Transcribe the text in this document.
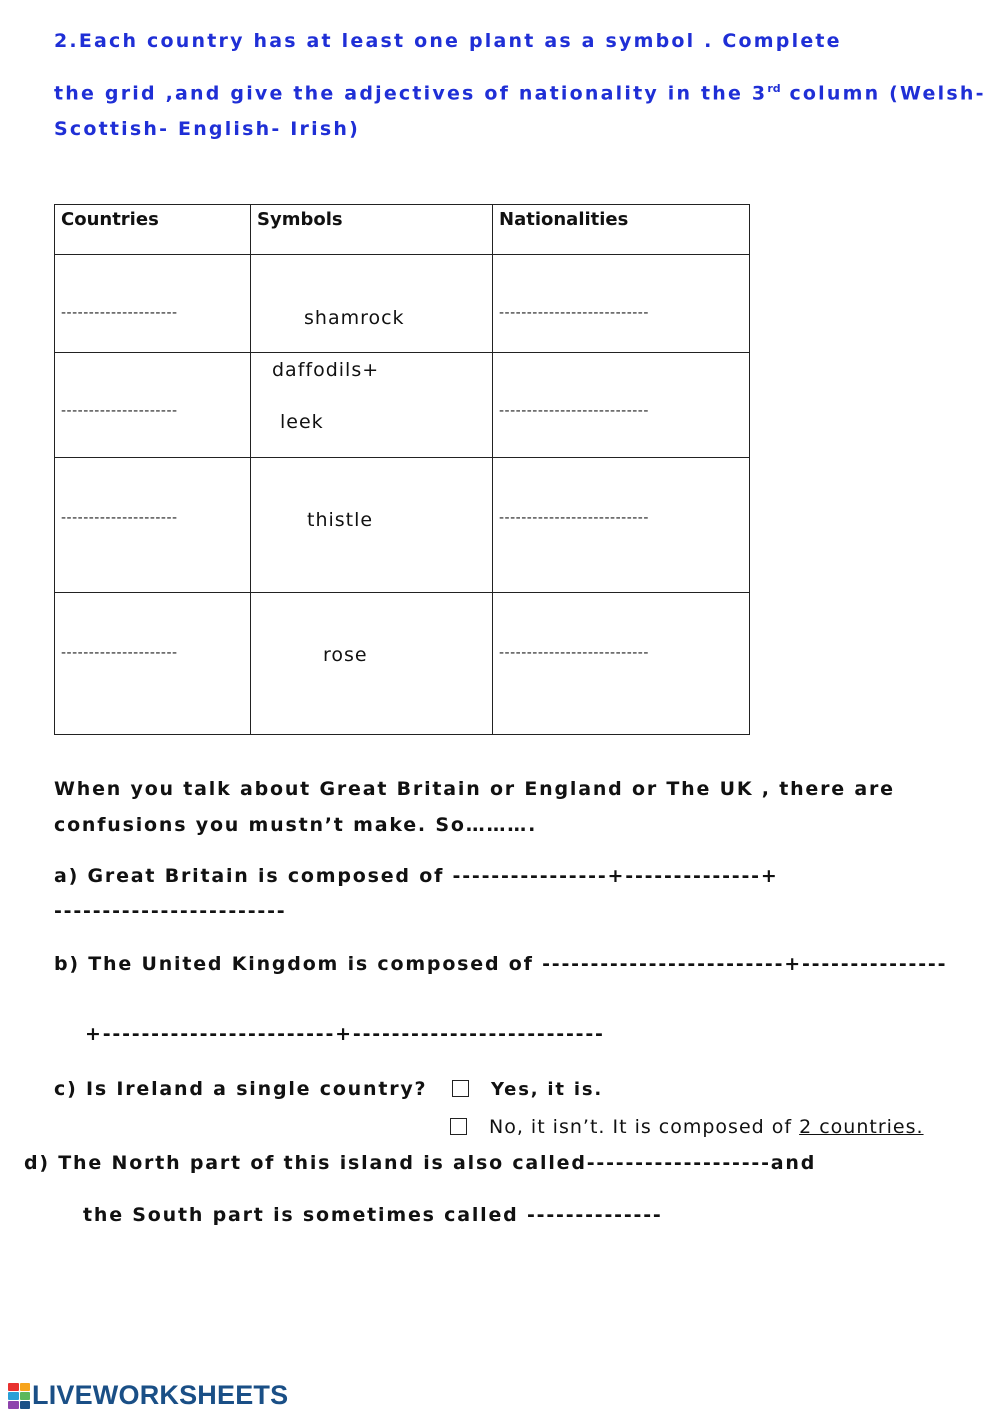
2.Each country has at least one plant as a symbol . Complete
the grid ,and give the adjectives of nationality in the 3rd column (Welsh-
Scottish- English- Irish)
Countries	Symbols	Nationalities

---------------------	shamrock	---------------------------

---------------------	daffodils+
leek	---------------------------

---------------------	thistle	---------------------------

---------------------	rose	---------------------------
When you talk about Great Britain or England or The UK , there are
confusions you mustn’t make. So……….
a) Great Britain is composed of ----------------+--------------+
------------------------
b) The United Kingdom is composed of -------------------------+---------------
+------------------------+--------------------------
c) Is Ireland a single country?	Yes, it is.
No, it isn’t. It is composed of 2 countries.
d) The North part of this island is also called-------------------and
the South part is sometimes called --------------
LIVEWORKSHEETS
